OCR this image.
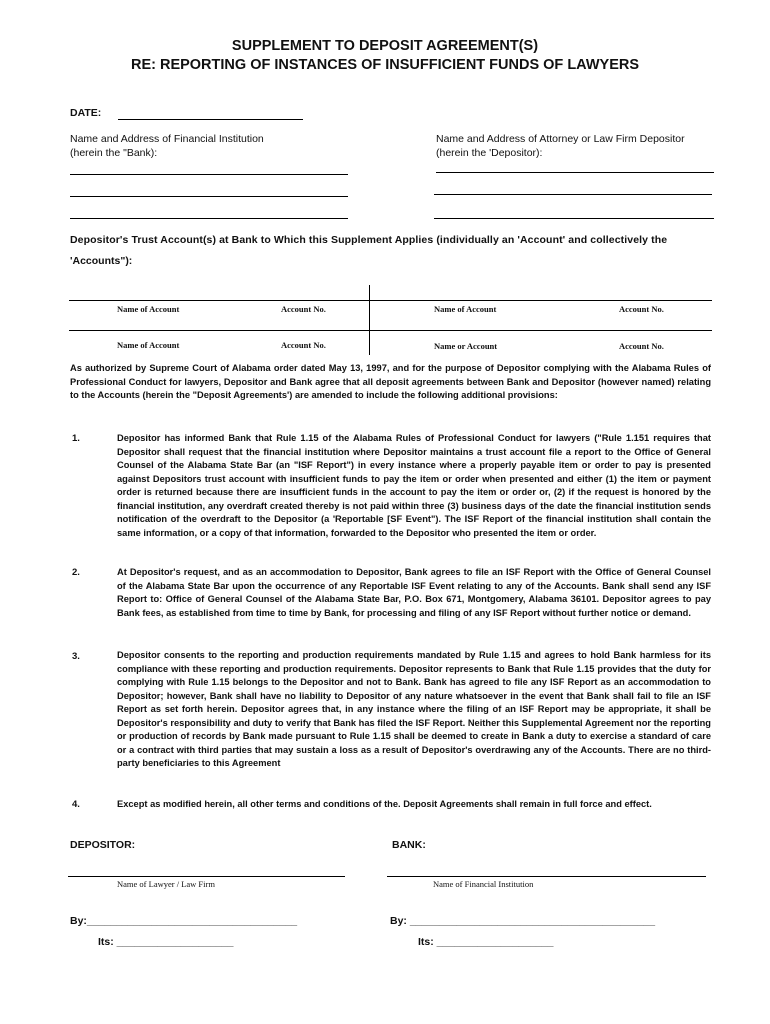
SUPPLEMENT TO DEPOSIT AGREEMENT(S)
RE: REPORTING OF INSTANCES OF INSUFFICIENT FUNDS OF LAWYERS
DATE:
Name and Address of Financial Institution
(herein the "Bank):
Name and Address of Attorney or Law Firm Depositor
(herein the 'Depositor):
Depositor's Trust Account(s) at Bank to Which this Supplement Applies (individually an 'Account' and collectively the
'Accounts"):
Name of Account	Account No.	Name of Account	Account No.
Name of Account	Account No.	Name or Account	Account No.
As authorized by Supreme Court of Alabama order dated May 13, 1997, and for the purpose of Depositor complying with the Alabama Rules of Professional Conduct for lawyers, Depositor and Bank agree that all deposit agreements between Bank and Depositor (however named) relating to the Accounts (herein the "Deposit Agreements') are amended to include the following additional provisions:
1.	Depositor has informed Bank that Rule 1.15 of the Alabama Rules of Professional Conduct for lawyers ("Rule 1.151 requires that Depositor shall request that the financial institution where Depositor maintains a trust account file a report to the Office of General Counsel of the Alabama State Bar (an "ISF Report") in every instance where a properly payable item or order to pay is presented against Depositors trust account with insufficient funds to pay the item or order when presented and either (1) the item or payment order is returned because there are insufficient funds in the account to pay the item or order or, (2) if the request is honored by the financial institution, any overdraft created thereby is not paid within three (3) business days of the date the financial institution sends notification of the overdraft to the Depositor (a 'Reportable [SF Event"). The ISF Report of the financial institution shall contain the same information, or a copy of that information, forwarded to the Depositor who presented the item or order.
2.	At Depositor's request, and as an accommodation to Depositor, Bank agrees to file an ISF Report with the Office of General Counsel of the Alabama State Bar upon the occurrence of any Reportable ISF Event relating to any of the Accounts. Bank shall send any ISF Report to: Office of General Counsel of the Alabama State Bar, P.O. Box 671, Montgomery, Alabama 36101. Depositor agrees to pay Bank fees, as established from time to time by Bank, for processing and filing of any ISF Report without further notice or demand.
3.	Depositor consents to the reporting and production requirements mandated by Rule 1.15 and agrees to hold Bank harmless for its compliance with these reporting and production requirements. Depositor represents to Bank that Rule 1.15 provides that the duty for complying with Rule 1.15 belongs to the Depositor and not to Bank. Bank has agreed to file any ISF Report as an accommodation to Depositor; however, Bank shall have no liability to Depositor of any nature whatsoever in the event that Bank shall fail to file an ISF Report as set forth herein. Depositor agrees that, in any instance where the filing of an ISF Report may be appropriate, it shall be Depositor's responsibility and duty to verify that Bank has filed the ISF Report. Neither this Supplemental Agreement nor the reporting or production of records by Bank made pursuant to Rule 1.15 shall be deemed to create in Bank a duty to exercise a standard of care or a contract with third parties that may sustain a loss as a result of Depositor's overdrawing any of the Accounts. There are no third-party beneficiaries to this Agreement
4.	Except as modified herein, all other terms and conditions of the. Deposit Agreements shall remain in full force and effect.
DEPOSITOR:	BANK:
Name of Lawyer / Law Firm	Name of Financial Institution
By:____________________________________	By: __________________________________________
Its: ____________________	Its: ____________________
